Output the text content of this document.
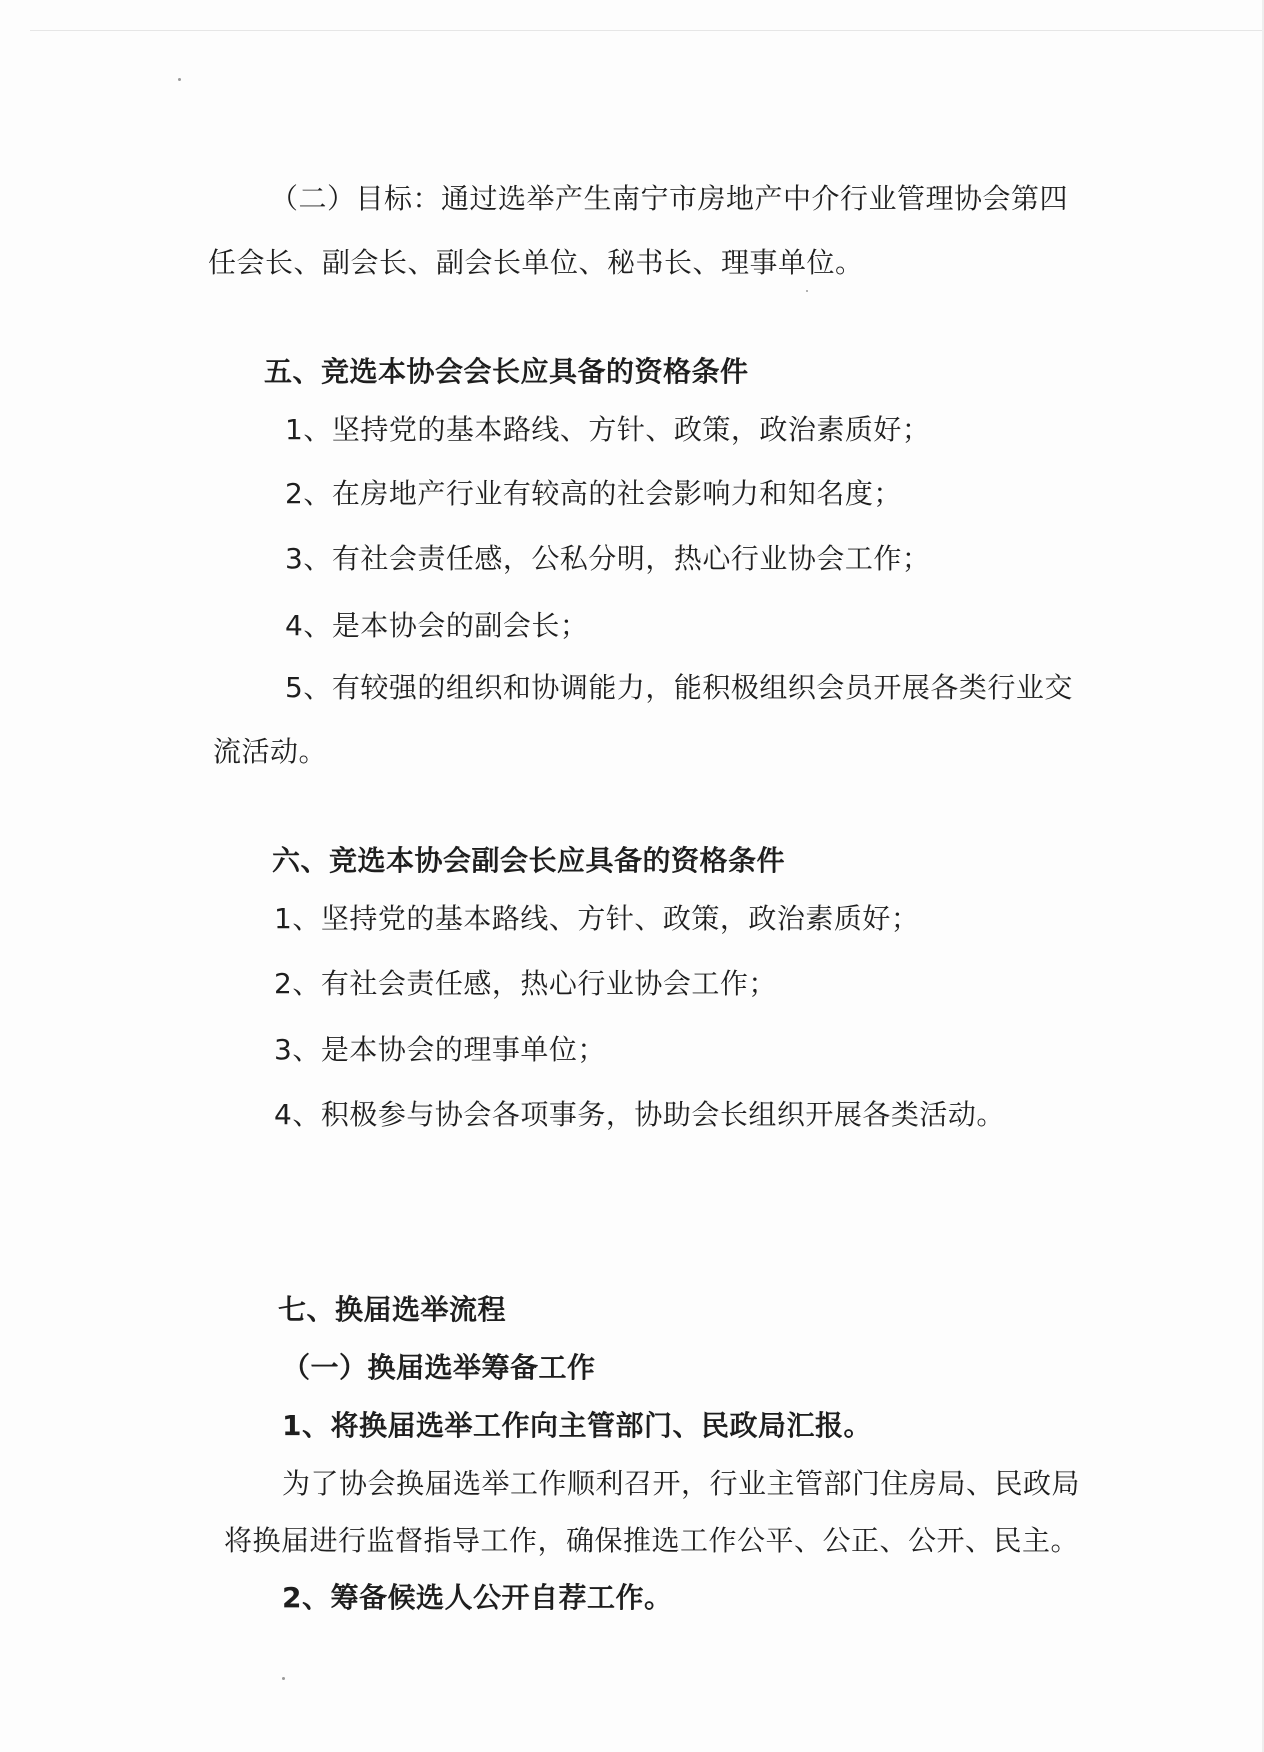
（二）目标：通过选举产生南宁市房地产中介行业管理协会第四
任会长、副会长、副会长单位、秘书长、理事单位。
五、竞选本协会会长应具备的资格条件
1、坚持党的基本路线、方针、政策，政治素质好；
2、在房地产行业有较高的社会影响力和知名度；
3、有社会责任感，公私分明，热心行业协会工作；
4、是本协会的副会长；
5、有较强的组织和协调能力，能积极组织会员开展各类行业交
流活动。
六、竞选本协会副会长应具备的资格条件
1、坚持党的基本路线、方针、政策，政治素质好；
2、有社会责任感，热心行业协会工作；
3、是本协会的理事单位；
4、积极参与协会各项事务，协助会长组织开展各类活动。
七、换届选举流程
（一）换届选举筹备工作
1、将换届选举工作向主管部门、民政局汇报。
为了协会换届选举工作顺利召开，行业主管部门住房局、民政局
将换届进行监督指导工作，确保推选工作公平、公正、公开、民主。
2、筹备候选人公开自荐工作。
